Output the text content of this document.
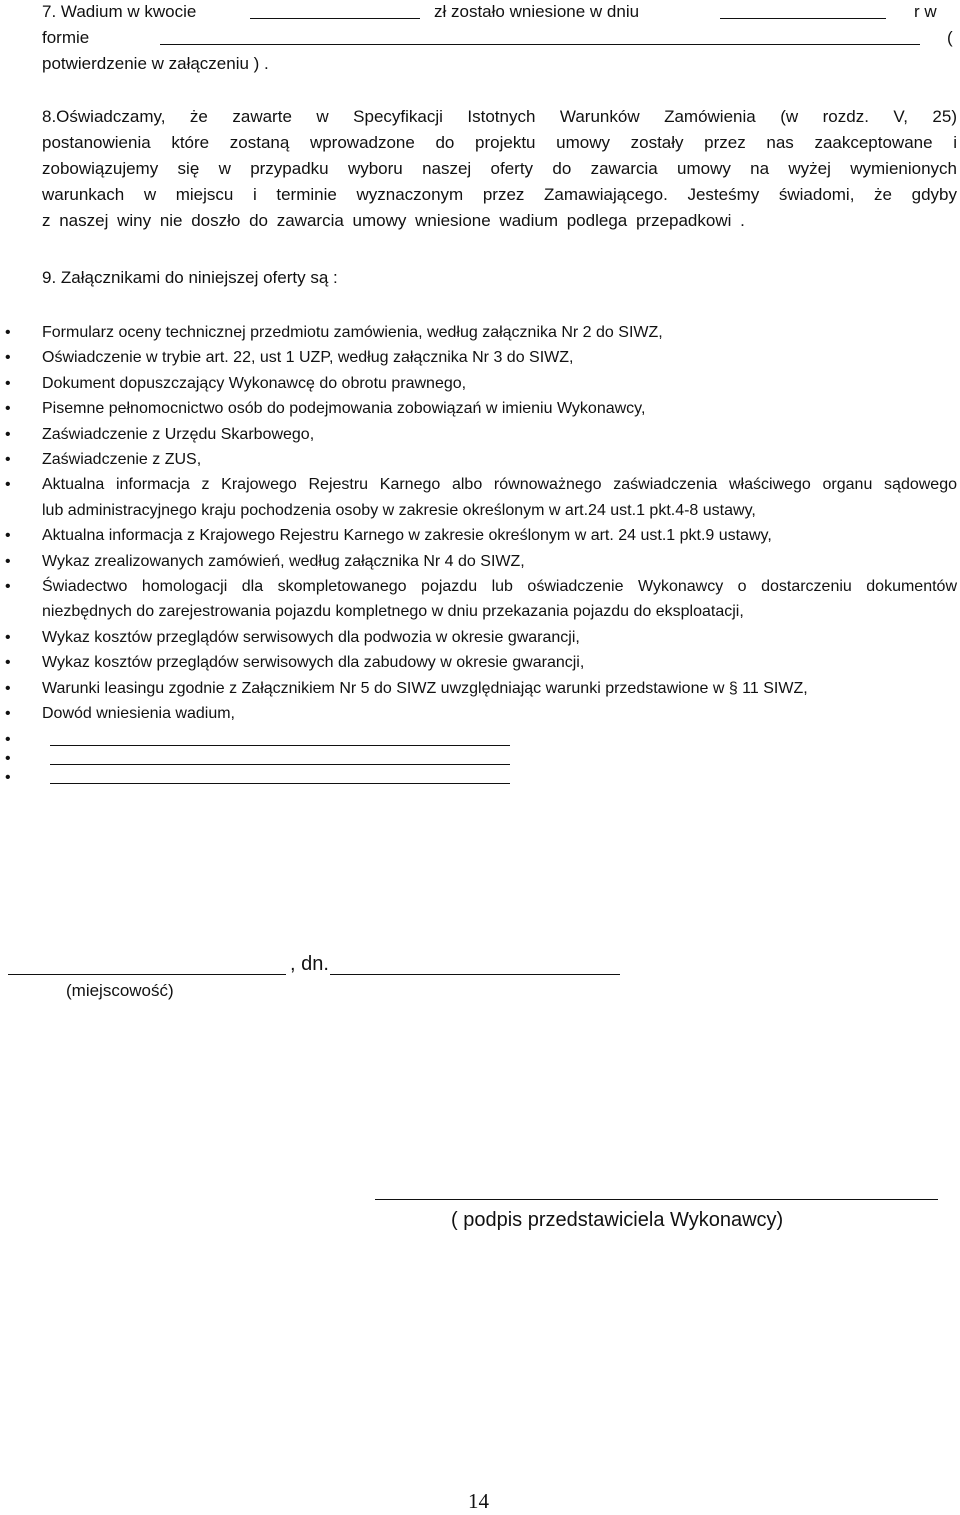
7. Wadium w kwocie	zł zostało wniesione w dniu	r w
formie	(
potwierdzenie w załączeniu ) .
8.Oświadczamy, że zawarte w Specyfikacji Istotnych Warunków Zamówienia (w rozdz. V, 25)
postanowienia które zostaną wprowadzone do projektu umowy zostały przez nas zaakceptowane i
zobowiązujemy się w przypadku wyboru naszej oferty do zawarcia umowy na wyżej wymienionych
warunkach w miejscu i terminie wyznaczonym przez Zamawiającego. Jesteśmy świadomi, że gdyby
z naszej winy nie doszło do zawarcia umowy wniesione wadium podlega przepadkowi .
9. Załącznikami do niniejszej oferty są :
• Formularz oceny technicznej przedmiotu zamówienia, według załącznika Nr 2 do SIWZ,
• Oświadczenie w trybie art. 22, ust 1 UZP, według załącznika Nr 3 do SIWZ,
• Dokument dopuszczający Wykonawcę do obrotu prawnego,
• Pisemne pełnomocnictwo osób do podejmowania zobowiązań w imieniu Wykonawcy,
• Zaświadczenie z Urzędu Skarbowego,
• Zaświadczenie z ZUS,
• Aktualna informacja z Krajowego Rejestru Karnego albo równoważnego zaświadczenia właściwego organu sądowego
lub administracyjnego kraju pochodzenia osoby w zakresie określonym w art.24 ust.1 pkt.4-8 ustawy,
• Aktualna informacja z Krajowego Rejestru Karnego w zakresie określonym w art. 24 ust.1 pkt.9 ustawy,
• Wykaz zrealizowanych zamówień, według załącznika Nr 4 do SIWZ,
• Świadectwo homologacji dla skompletowanego pojazdu lub oświadczenie Wykonawcy o dostarczeniu dokumentów
niezbędnych do zarejestrowania pojazdu kompletnego w dniu przekazania pojazdu do eksploatacji,
• Wykaz kosztów przeglądów serwisowych dla podwozia w okresie gwarancji,
• Wykaz kosztów przeglądów serwisowych dla zabudowy w okresie gwarancji,
• Warunki leasingu zgodnie z Załącznikiem Nr 5 do SIWZ uwzględniając warunki przedstawione w § 11 SIWZ,
• Dowód wniesienia wadium,
•
•
•
, dn.
(miejscowość)
( podpis przedstawiciela Wykonawcy)
14
